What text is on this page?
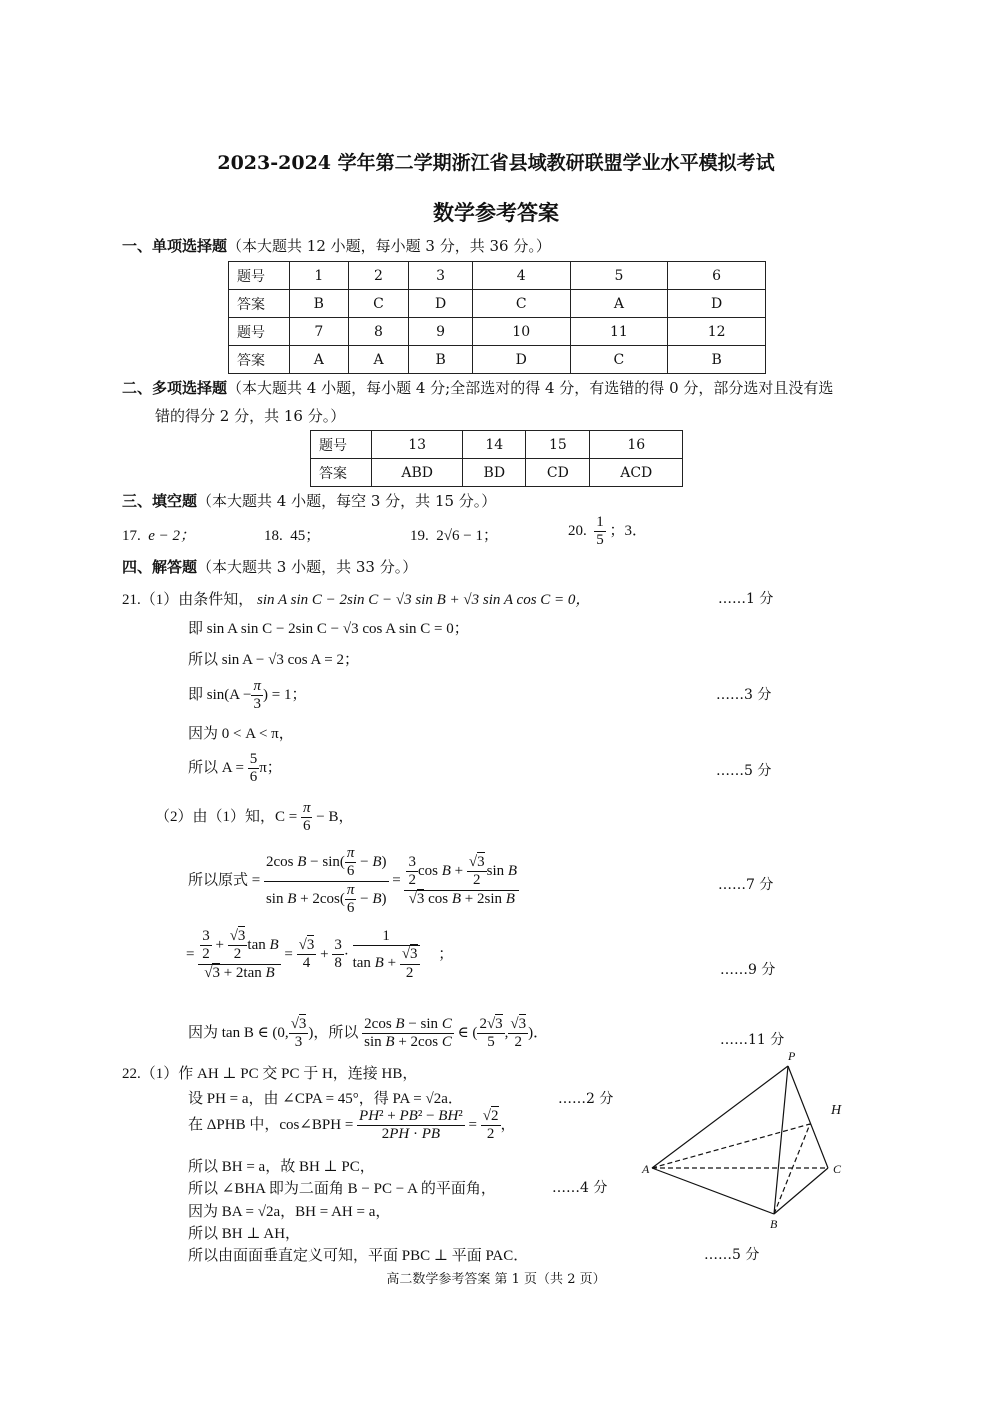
2023-2024 学年第二学期浙江省县域教研联盟学业水平模拟考试
数学参考答案
一、单项选择题（本大题共 12 小题，每小题 3 分，共 36 分。）
题号	1	2	3	4	5	6
答案	B	C	D	C	A	D
题号	7	8	9	10	11	12
答案	A	A	B	D	C	B
二、多项选择题（本大题共 4 小题，每小题 4 分;全部选对的得 4 分，有选错的得 0 分，部分选对且没有选
错的得分 2 分，共 16 分。）
题号	13	14	15	16
答案	ABD	BD	CD	ACD
三、填空题（本大题共 4 小题，每空 3 分，共 15 分。）
17. e − 2；	18. 45；	19. 2√6 − 1；	20. $\frac{1}{5}$ ；3．
四、解答题（本大题共 3 小题，共 33 分。）
21.（1）由条件知， sin A sin C − 2sin C − √3 sin B + √3 sin A cos C = 0，	……1 分
即 sin A sin C − 2sin C − √3 cos A sin C = 0；
所以 sin A − √3 cos A = 2；
即 $\sin(A - \frac{\pi}{3}$ ) = 1；	……3 分
因为 0 < A < π，
所以 $A = \frac{5}{6}$ π；	……5 分
（2）由（1）知，$C = \frac{\pi}{6} - B$，
所以原式 = $\frac{2\cos B - \sin( \frac{\pi}{6} - B)}{\sin B + 2\cos( \frac{\pi}{6} - B)} = \frac{\frac{3}{2} \cos B + \frac{√3}{2} \sin B}{\text{√3 cos B + 2sin B}}$	……7 分
= $\frac{\frac{3}{2} + \frac{√3}{2} \tan B}{\text{√3 + 2tan B}} = \frac{√3}{4} + \frac{3}{8} \cdot \frac{1}{\tan B + \frac{√3}{2}}$ ；
……9 分
因为 tan B ∈ (0, $\frac{√3}{3}$ )，所以 $\frac{\text{2cos B − sin C}}{\text{sin B + 2cos C}}$ ∈ ( $\frac{2√3}{5}$ , $\frac{√3}{2}$ )．	……11 分
22.（1）作 AH ⊥ PC 交 PC 于 H，连接 HB，
设 PH = a，由 ∠CPA = 45°，得 PA = √2a．	……2 分
在 ΔPHB 中，cos∠BPH = $\frac{\text{PH² + PB² − BH²}}{2PH \cdot PB} = \frac{√2}{2}$ ，
所以 BH = a，故 BH ⊥ PC，
所以 ∠BHA 即为二面角 B − PC − A 的平面角，	……4 分
因为 BA = √2a，BH = AH = a，
所以 BH ⊥ AH，
所以由面面垂直定义可知，平面 PBC ⊥ 平面 PAC．	……5 分
P
H
A	C
B
高二数学参考答案 第 1 页（共 2 页）
